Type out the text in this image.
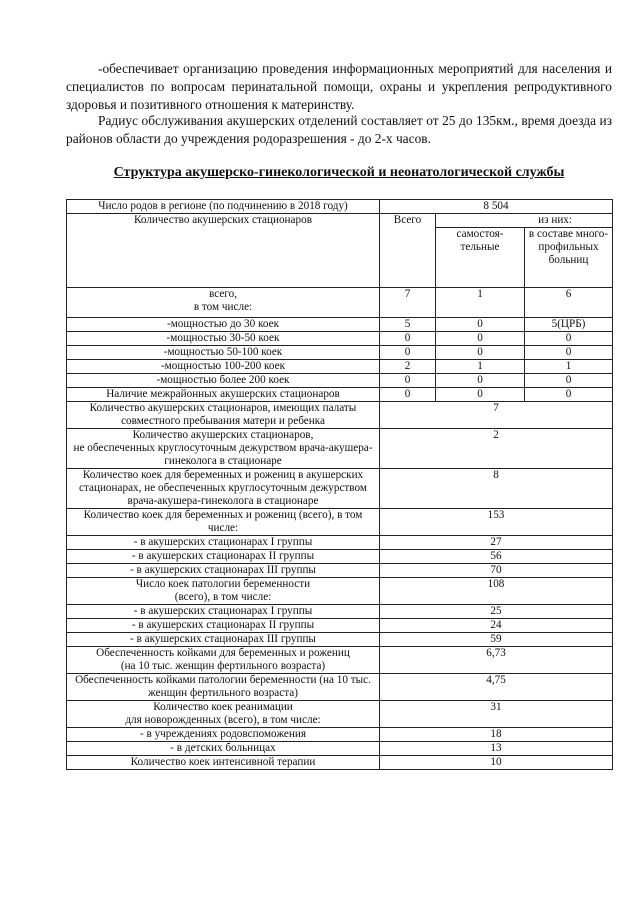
-обеспечивает организацию проведения информационных мероприятий для населения и специалистов по вопросам перинатальной помощи, охраны и укрепления репродуктивного здоровья и позитивного отношения к материнству.

Радиус обслуживания акушерских отделений составляет от 25 до 135км., время доезда из районов области до учреждения родоразрешения - до 2-х часов.

Структура акушерско-гинекологической и неонатологической службы

Число родов в регионе (по подчинению в 2018 году)	8 504		
Количество акушерских стационаров	Всего	из них:	
		самостоя-тельные	в составе много-профильных больниц
всего,
в том числе:	7	1	6
-мощностью до 30 коек	5	0	5(ЦРБ)
-мощностью 30-50 коек	0	0	0
-мощностью 50-100 коек	0	0	0
-мощностью 100-200 коек	2	1	1
-мощностью более 200 коек	0	0	0
Наличие межрайонных акушерских стационаров	0	0	0
Количество акушерских стационаров, имеющих палаты совместного пребывания матери и ребенка	7		
Количество акушерских стационаров,
не обеспеченных круглосуточным дежурством врача-акушера-гинеколога в стационаре	2		
Количество коек для беременных и рожениц в акушерских стационарах, не обеспеченных круглосуточным дежурством врача-акушера-гинеколога в стационаре	8		
Количество коек для беременных и рожениц (всего), в том числе:	153		
- в акушерских стационарах I группы	27		
- в акушерских стационарах II группы	56		
- в акушерских стационарах III группы	70		
Число коек патологии беременности
(всего), в том числе:	108		
- в акушерских стационарах I группы	25		
- в акушерских стационарах II группы	24		
- в акушерских стационарах III группы	59		
Обеспеченность койками для беременных и рожениц
(на 10 тыс. женщин фертильного возраста)	6,73		
Обеспеченность койками патологии беременности (на 10 тыс. женщин фертильного возраста)	4,75		
Количество коек реанимации
для новорожденных (всего), в том числе:	31		
- в учреждениях родовспоможения	18		
- в детских больницах	13		
Количество коек интенсивной терапии	10		
